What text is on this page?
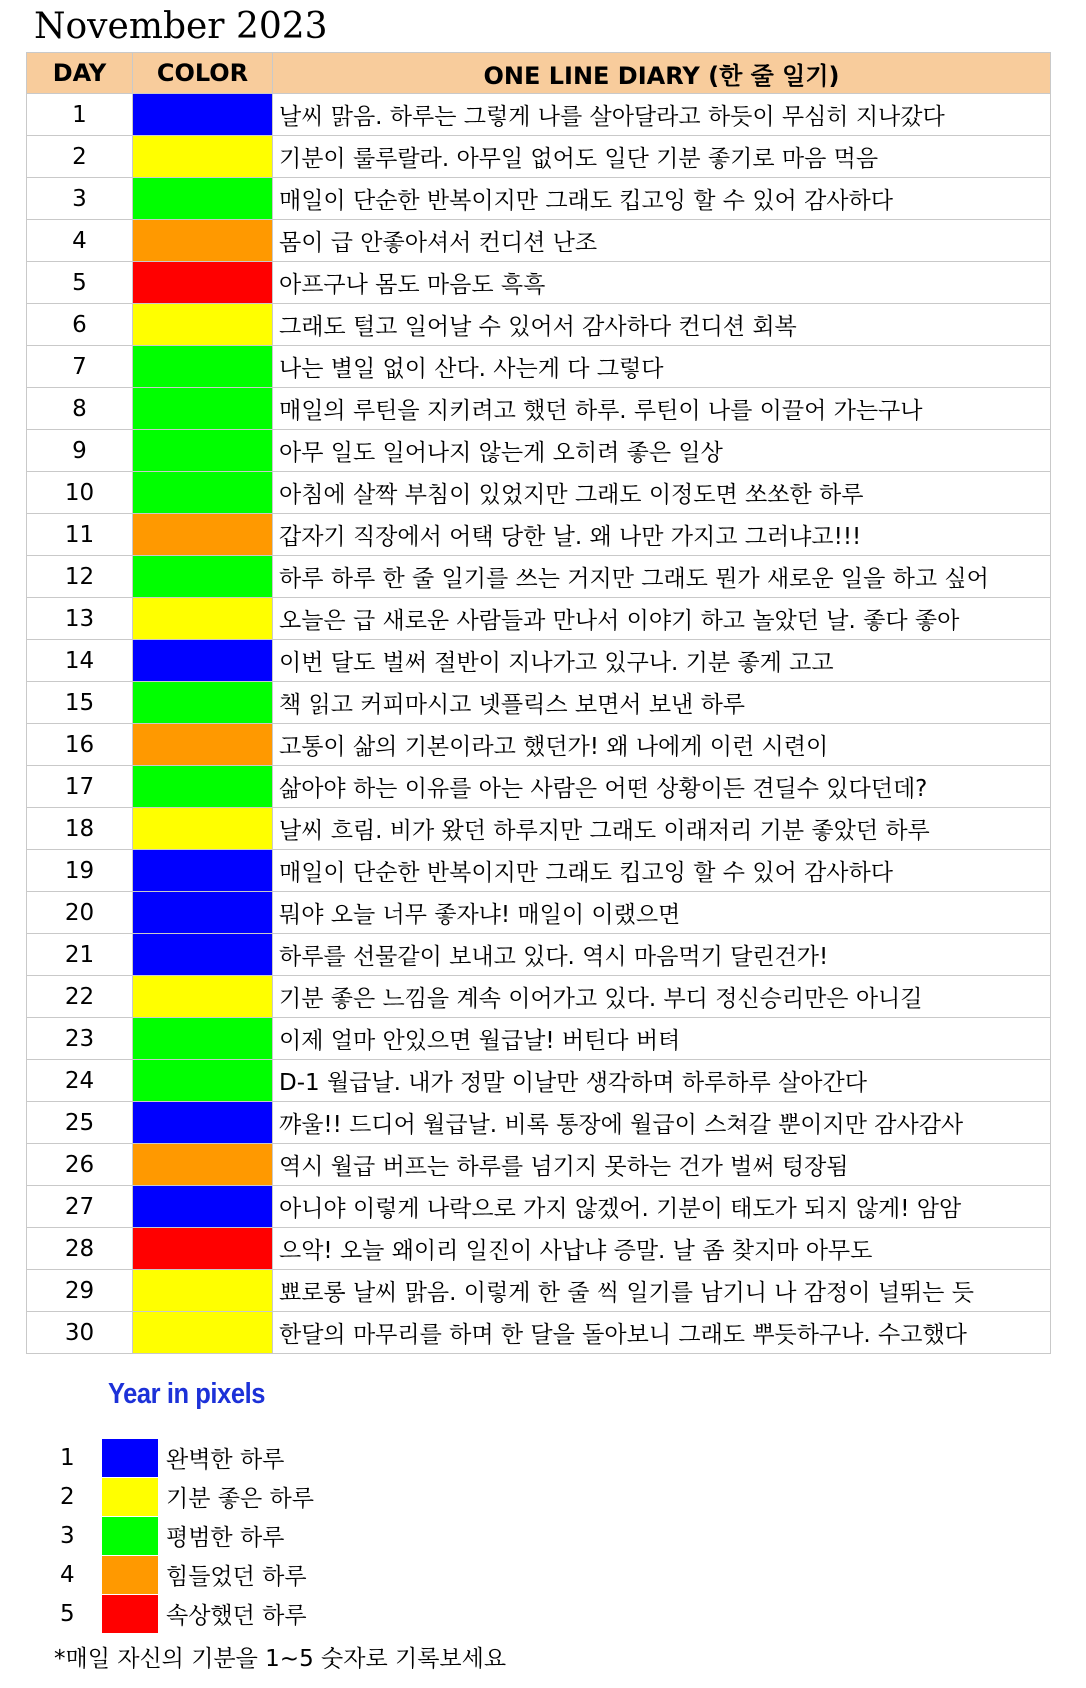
November 2023
DAY	COLOR	ONE LINE DIARY (한 줄 일기)
1		날씨 맑음. 하루는 그렇게 나를 살아달라고 하듯이 무심히 지나갔다
2		기분이 룰루랄라. 아무일 없어도 일단 기분 좋기로 마음 먹음
3		매일이 단순한 반복이지만 그래도 킵고잉 할 수 있어 감사하다
4		몸이 급 안좋아셔서 컨디션 난조
5		아프구나 몸도 마음도 흑흑
6		그래도 털고 일어날 수 있어서 감사하다 컨디션 회복
7		나는 별일 없이 산다. 사는게 다 그렇다
8		매일의 루틴을 지키려고 했던 하루. 루틴이 나를 이끌어 가는구나
9		아무 일도 일어나지 않는게 오히려 좋은 일상
10		아침에 살짝 부침이 있었지만 그래도 이정도면 쏘쏘한 하루
11		갑자기 직장에서 어택 당한 날. 왜 나만 가지고 그러냐고!!!
12		하루 하루 한 줄 일기를 쓰는 거지만 그래도 뭔가 새로운 일을 하고 싶어
13		오늘은 급 새로운 사람들과 만나서 이야기 하고 놀았던 날. 좋다 좋아
14		이번 달도 벌써 절반이 지나가고 있구나. 기분 좋게 고고
15		책 읽고 커피마시고 넷플릭스 보면서 보낸 하루
16		고통이 삶의 기본이라고 했던가! 왜 나에게 이런 시련이
17		삶아야 하는 이유를 아는 사람은 어떤 상황이든 견딜수 있다던데?
18		날씨 흐림. 비가 왔던 하루지만 그래도 이래저리 기분 좋았던 하루
19		매일이 단순한 반복이지만 그래도 킵고잉 할 수 있어 감사하다
20		뭐야 오늘 너무 좋자냐! 매일이 이랬으면
21		하루를 선물같이 보내고 있다. 역시 마음먹기 달린건가!
22		기분 좋은 느낌을 계속 이어가고 있다. 부디 정신승리만은 아니길
23		이제 얼마 안있으면 월급날! 버틴다 버텨
24		D-1 월급날. 내가 정말 이날만 생각하며 하루하루 살아간다
25		꺄울!! 드디어 월급날. 비록 통장에 월급이 스쳐갈 뿐이지만 감사감사
26		역시 월급 버프는 하루를 넘기지 못하는 건가 벌써 텅장됨
27		아니야 이렇게 나락으로 가지 않겠어. 기분이 태도가 되지 않게! 암암
28		으악! 오늘 왜이리 일진이 사납냐 증말. 날 좀 찾지마 아무도
29		뾰로롱 날씨 맑음. 이렇게 한 줄 씩 일기를 남기니 나 감정이 널뛰는 듯
30		한달의 마무리를 하며 한 달을 돌아보니 그래도 뿌듯하구나. 수고했다
Year in pixels
1	완벽한 하루
2	기분 좋은 하루
3	평범한 하루
4	힘들었던 하루
5	속상했던 하루
*매일 자신의 기분을 1~5 숫자로 기록보세요
